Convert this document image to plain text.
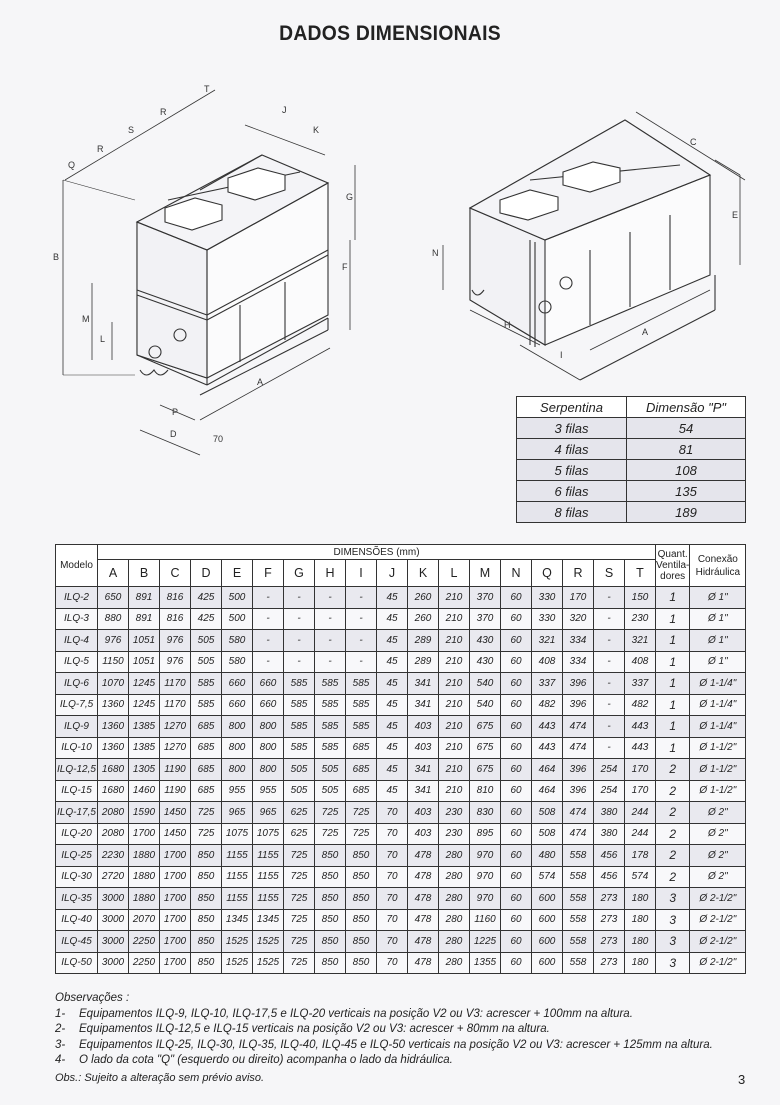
DADOS DIMENSIONAIS
B
M
L
F
G
Q
R
S
R
T
J
K
A
P
D	70
C
E
N
H
I
A
Serpentina	Dimensão "P"
3 filas	54
4 filas	81
5 filas	108
6 filas	135
8 filas	189
Modelo	DIMENSÕES (mm)																		Quant. Ventila- dores	Conexão Hidráulica
	A	B	C	D	E	F	G	H	I	J	K	L	M	N	Q	R	S	T		
ILQ-2	650	891	816	425	500	-	-	-	-	45	260	210	370	60	330	170	-	150	1	Ø 1"
ILQ-3	880	891	816	425	500	-	-	-	-	45	260	210	370	60	330	320	-	230	1	Ø 1"
ILQ-4	976	1051	976	505	580	-	-	-	-	45	289	210	430	60	321	334	-	321	1	Ø 1"
ILQ-5	1150	1051	976	505	580	-	-	-	-	45	289	210	430	60	408	334	-	408	1	Ø 1"
ILQ-6	1070	1245	1170	585	660	660	585	585	585	45	341	210	540	60	337	396	-	337	1	Ø 1-1/4"
ILQ-7,5	1360	1245	1170	585	660	660	585	585	585	45	341	210	540	60	482	396	-	482	1	Ø 1-1/4"
ILQ-9	1360	1385	1270	685	800	800	585	585	585	45	403	210	675	60	443	474	-	443	1	Ø 1-1/4"
ILQ-10	1360	1385	1270	685	800	800	585	585	685	45	403	210	675	60	443	474	-	443	1	Ø 1-1/2"
ILQ-12,5	1680	1305	1190	685	800	800	505	505	685	45	341	210	675	60	464	396	254	170	2	Ø 1-1/2"
ILQ-15	1680	1460	1190	685	955	955	505	505	685	45	341	210	810	60	464	396	254	170	2	Ø 1-1/2"
ILQ-17,5	2080	1590	1450	725	965	965	625	725	725	70	403	230	830	60	508	474	380	244	2	Ø 2"
ILQ-20	2080	1700	1450	725	1075	1075	625	725	725	70	403	230	895	60	508	474	380	244	2	Ø 2"
ILQ-25	2230	1880	1700	850	1155	1155	725	850	850	70	478	280	970	60	480	558	456	178	2	Ø 2"
ILQ-30	2720	1880	1700	850	1155	1155	725	850	850	70	478	280	970	60	574	558	456	574	2	Ø 2"
ILQ-35	3000	1880	1700	850	1155	1155	725	850	850	70	478	280	970	60	600	558	273	180	3	Ø 2-1/2"
ILQ-40	3000	2070	1700	850	1345	1345	725	850	850	70	478	280	1160	60	600	558	273	180	3	Ø 2-1/2"
ILQ-45	3000	2250	1700	850	1525	1525	725	850	850	70	478	280	1225	60	600	558	273	180	3	Ø 2-1/2"
ILQ-50	3000	2250	1700	850	1525	1525	725	850	850	70	478	280	1355	60	600	558	273	180	3	Ø 2-1/2"
Observações :
1- Equipamentos ILQ-9, ILQ-10, ILQ-17,5 e ILQ-20 verticais na posição V2 ou V3: acrescer + 100mm na altura.
2- Equipamentos ILQ-12,5 e ILQ-15 verticais na posição V2 ou V3: acrescer + 80mm na altura.
3- Equipamentos ILQ-25, ILQ-30, ILQ-35, ILQ-40, ILQ-45 e ILQ-50 verticais na posição V2 ou V3: acrescer + 125mm na altura.
4- O lado da cota "Q" (esquerdo ou direito) acompanha o lado da hidráulica.
Obs.: Sujeito a alteração sem prévio aviso.	3
